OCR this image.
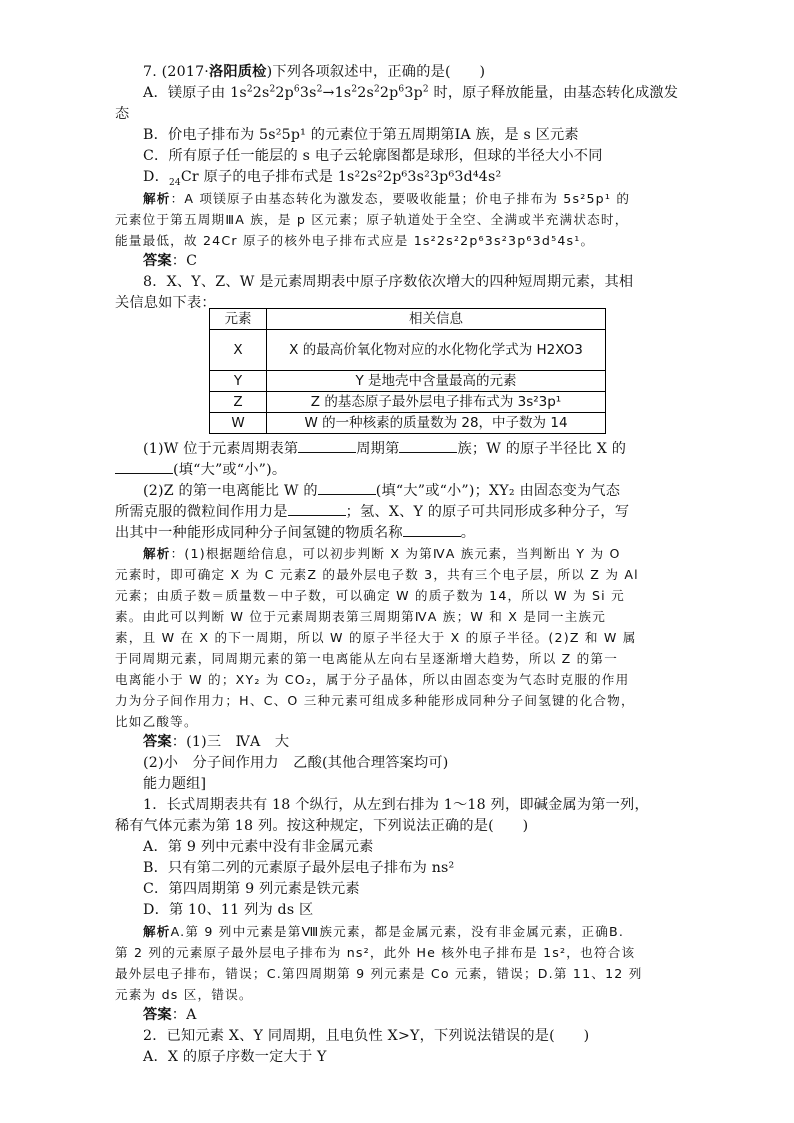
7. (2017·洛阳质检)下列各项叙述中，正确的是(　　)
A．镁原子由 $1s^22s^22p^63s^2\to 1s^22s^22p^63p^2$ 时，原子释放能量，由基态转化成激发
态
B．价电子排布为 5s²5p¹ 的元素位于第五周期第ⅠA 族，是 s 区元素
C．所有原子任一能层的 s 电子云轮廓图都是球形，但球的半径大小不同
D．$_{24}$Cr 原子的电子排布式是 1s²2s²2p⁶3s²3p⁶3d⁴4s²
解析：A 项镁原子由基态转化为激发态，要吸收能量；价电子排布为 5s²5p¹ 的
元素位于第五周期ⅢA 族，是 p 区元素；原子轨道处于全空、全满或半充满状态时，
能量最低，故 24Cr 原子的核外电子排布式应是 1s²2s²2p⁶3s²3p⁶3d⁵4s¹。
答案：C
8．X、Y、Z、W 是元素周期表中原子序数依次增大的四种短周期元素，其相
关信息如下表：
元素	相关信息
X	X 的最高价氧化物对应的水化物化学式为 H2XO3
Y	Y 是地壳中含量最高的元素
Z	Z 的基态原子最外层电子排布式为 3s²3p¹
W	W 的一种核素的质量数为 28，中子数为 14
(1)W 位于元素周期表第	周期第	族；W 的原子半径比 X 的
(填“大”或“小”)。
(2)Z 的第一电离能比 W 的	(填“大”或“小”)；XY₂ 由固态变为气态
所需克服的微粒间作用力是	；氢、X、Y 的原子可共同形成多种分子，写
出其中一种能形成同种分子间氢键的物质名称	。
解析：(1)根据题给信息，可以初步判断 X 为第ⅣA 族元素，当判断出 Y 为 O
元素时，即可确定 X 为 C 元素Z 的最外层电子数 3，共有三个电子层，所以 Z 为 Al
元素；由质子数＝质量数－中子数，可以确定 W 的质子数为 14，所以 W 为 Si 元
素。由此可以判断 W 位于元素周期表第三周期第ⅣA 族；W 和 X 是同一主族元
素，且 W 在 X 的下一周期，所以 W 的原子半径大于 X 的原子半径。(2)Z 和 W 属
于同周期元素，同周期元素的第一电离能从左向右呈逐渐增大趋势，所以 Z 的第一
电离能小于 W 的；XY₂ 为 CO₂，属于分子晶体，所以由固态变为气态时克服的作用
力为分子间作用力；H、C、O 三种元素可组成多种能形成同种分子间氢键的化合物，
比如乙酸等。
答案：(1)三　ⅣA　大
(2)小　分子间作用力　乙酸(其他合理答案均可)
能力题组]
1．长式周期表共有 18 个纵行，从左到右排为 1～18 列，即碱金属为第一列，
稀有气体元素为第 18 列。按这种规定，下列说法正确的是(　　)
A．第 9 列中元素中没有非金属元素
B．只有第二列的元素原子最外层电子排布为 ns²
C．第四周期第 9 列元素是铁元素
D．第 10、11 列为 ds 区
解析A.第 9 列中元素是第Ⅷ族元素，都是金属元素，没有非金属元素，正确B.
第 2 列的元素原子最外层电子排布为 ns²，此外 He 核外电子排布是 1s²，也符合该
最外层电子排布，错误；C.第四周期第 9 列元素是 Co 元素，错误；D.第 11、12 列
元素为 ds 区，错误。
答案：A
2．已知元素 X、Y 同周期，且电负性 X>Y，下列说法错误的是(　　)
A．X 的原子序数一定大于 Y
